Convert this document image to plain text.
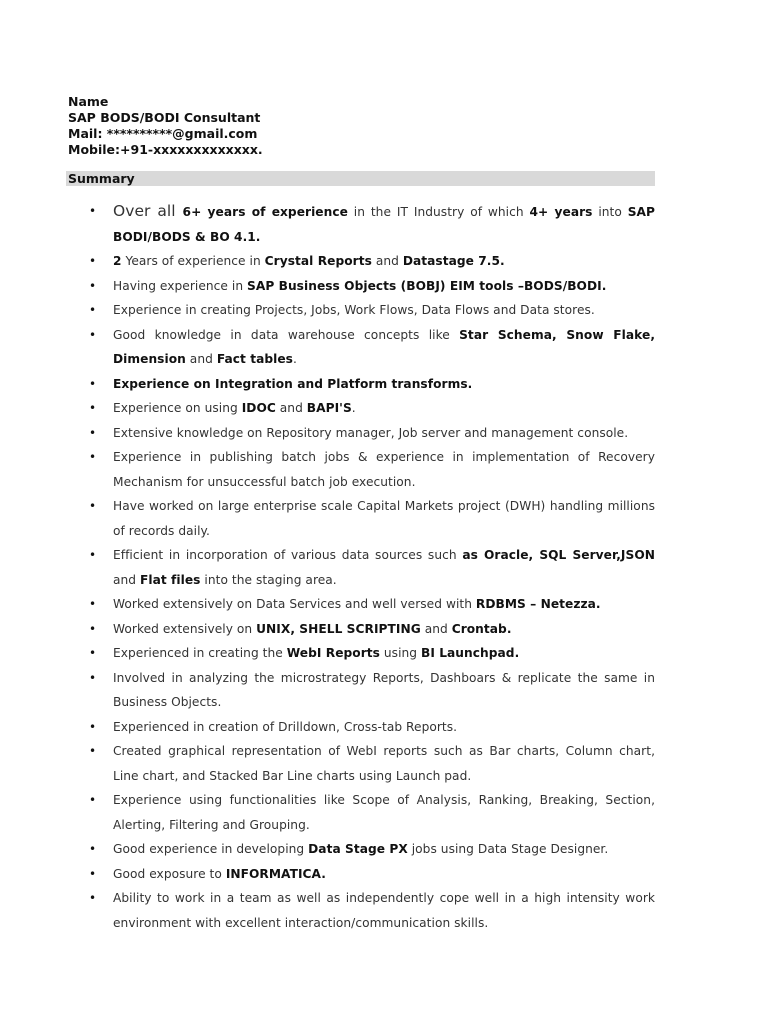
Name
SAP BODS/BODI Consultant
Mail: **********@gmail.com
Mobile:+91-xxxxxxxxxxxxx.
Summary
• Over all 6+ years of experience in the IT Industry of which 4+ years into SAP BODI/BODS & BO 4.1.
• 2 Years of experience in Crystal Reports and Datastage 7.5.
• Having experience in SAP Business Objects (BOBJ) EIM tools –BODS/BODI.
• Experience in creating Projects, Jobs, Work Flows, Data Flows and Data stores.
• Good knowledge in data warehouse concepts like Star Schema, Snow Flake, Dimension and Fact tables.
• Experience on Integration and Platform transforms.
• Experience on using IDOC and BAPI'S.
• Extensive knowledge on Repository manager, Job server and management console.
• Experience in publishing batch jobs & experience in implementation of Recovery Mechanism for unsuccessful batch job execution.
• Have worked on large enterprise scale Capital Markets project (DWH) handling millions of records daily.
• Efficient in incorporation of various data sources such as Oracle, SQL Server,JSON and Flat files into the staging area.
• Worked extensively on Data Services and well versed with RDBMS – Netezza.
• Worked extensively on UNIX, SHELL SCRIPTING and Crontab.
• Experienced in creating the WebI Reports using BI Launchpad.
• Involved in analyzing the microstrategy Reports, Dashboars & replicate the same in Business Objects.
• Experienced in creation of Drilldown, Cross-tab Reports.
• Created graphical representation of WebI reports such as Bar charts, Column chart, Line chart, and Stacked Bar Line charts using Launch pad.
• Experience using functionalities like Scope of Analysis, Ranking, Breaking, Section, Alerting, Filtering and Grouping.
• Good experience in developing Data Stage PX jobs using Data Stage Designer.
• Good exposure to INFORMATICA.
• Ability to work in a team as well as independently cope well in a high intensity work environment with excellent interaction/communication skills.
